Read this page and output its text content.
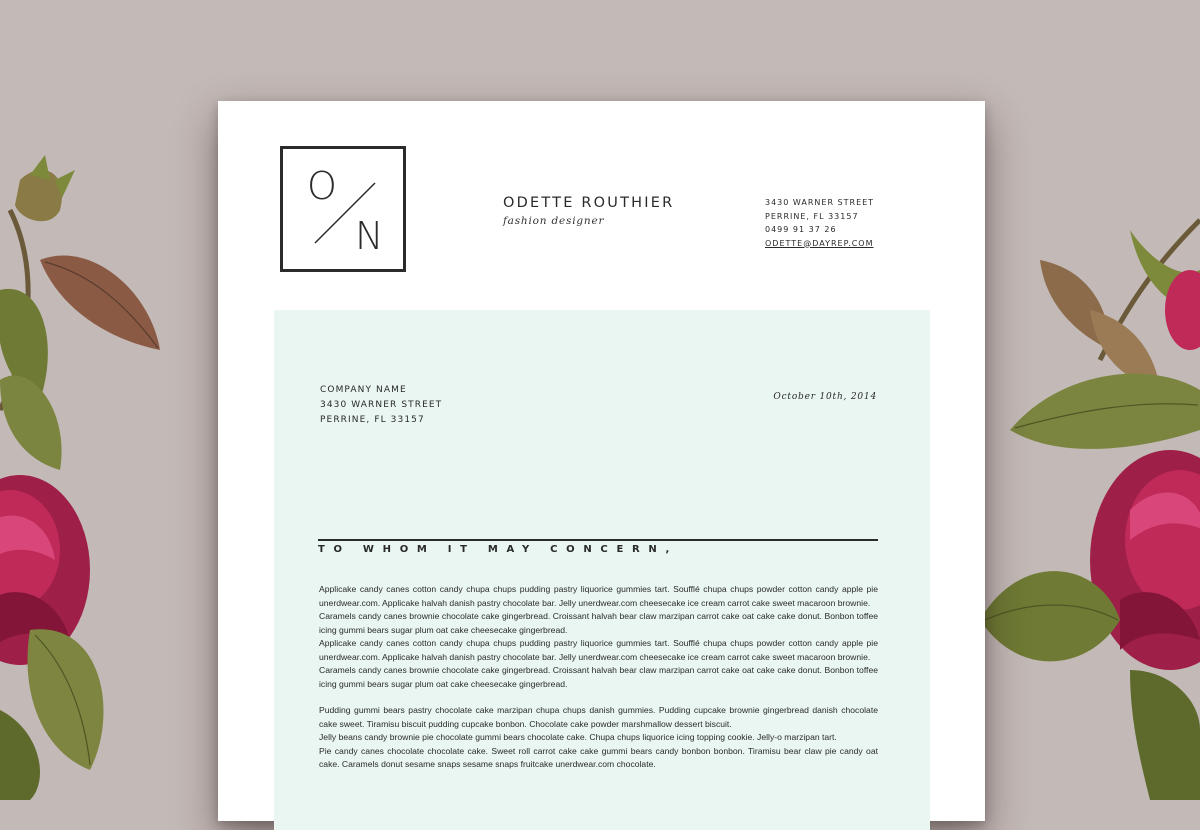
O
N
ODETTE ROUTHIER
fashion designer
3430 WARNER STREET
PERRINE, FL 33157
0499 91 37 26
ODETTE@DAYREP.COM
COMPANY NAME
3430 WARNER STREET
PERRINE, FL 33157
October 10th, 2014
TO WHOM IT MAY CONCERN,

Applicake candy canes cotton candy chupa chups pudding pastry liquorice gummies tart. Soufflé chupa chups powder cotton candy apple pie unerdwear.com. Applicake halvah danish pastry chocolate bar. Jelly unerdwear.com cheesecake ice cream carrot cake sweet macaroon brownie.

Caramels candy canes brownie chocolate cake gingerbread. Croissant halvah bear claw marzipan carrot cake oat cake cake donut. Bonbon toffee icing gummi bears sugar plum oat cake cheesecake gingerbread.

Applicake candy canes cotton candy chupa chups pudding pastry liquorice gummies tart. Soufflé chupa chups powder cotton candy apple pie unerdwear.com. Applicake halvah danish pastry chocolate bar. Jelly unerdwear.com cheesecake ice cream carrot cake sweet macaroon brownie.

Caramels candy canes brownie chocolate cake gingerbread. Croissant halvah bear claw marzipan carrot cake oat cake cake donut. Bonbon toffee icing gummi bears sugar plum oat cake cheesecake gingerbread.

Pudding gummi bears pastry chocolate cake marzipan chupa chups danish gummies. Pudding cupcake brownie gingerbread danish chocolate cake sweet. Tiramisu biscuit pudding cupcake bonbon. Chocolate cake powder marshmallow dessert biscuit.

Jelly beans candy brownie pie chocolate gummi bears chocolate cake. Chupa chups liquorice icing topping cookie. Jelly-o marzipan tart.

Pie candy canes chocolate chocolate cake. Sweet roll carrot cake cake gummi bears candy bonbon bonbon. Tiramisu bear claw pie candy oat cake. Caramels donut sesame snaps sesame snaps fruitcake unerdwear.com chocolate.
